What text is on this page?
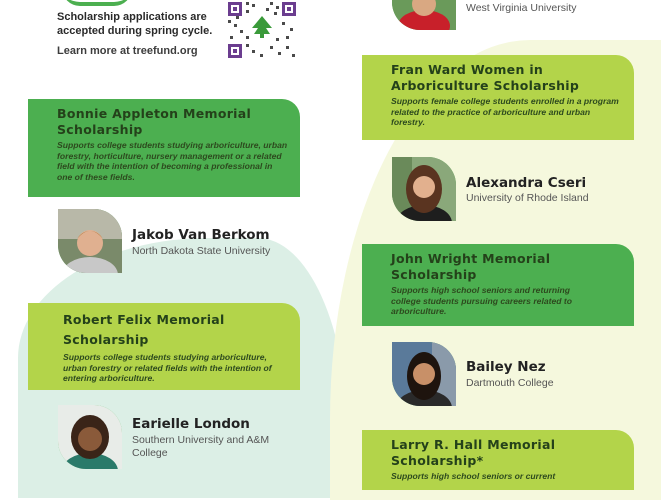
Scholarship applications are
accepted during spring cycle.
Learn more at treefund.org
West Virginia University
Bonnie Appleton Memorial Scholarship
Supports college students studying arboriculture, urban forestry, horticulture, nursery management or a related field with the intention of becoming a professional in one of these fields.
Jakob Van Berkom
North Dakota State University
Robert Felix Memorial Scholarship
Supports college students studying arboriculture, urban forestry or related fields with the intention of entering arboriculture.
Earielle London
Southern University and A&M College
Fran Ward Women in Arboriculture Scholarship
Supports female college students enrolled in a program related to the practice of arboriculture and urban forestry.
Alexandra Cseri
University of Rhode Island
John Wright Memorial Scholarship
Supports high school seniors and returning college students pursuing careers related to arboriculture.
Bailey Nez
Dartmouth College
Larry R. Hall Memorial Scholarship*
Supports high school seniors or current
